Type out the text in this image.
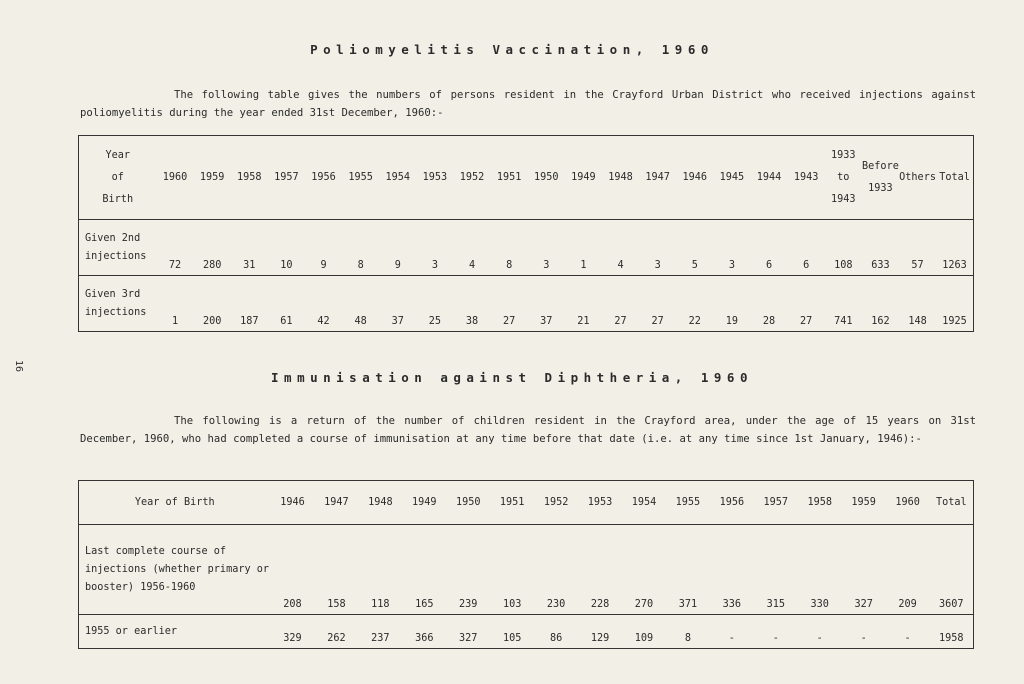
16
Poliomyelitis Vaccination, 1960
The following table gives the numbers of persons resident in the Crayford Urban District who received injections against poliomyelitis during the year ended 31st December, 1960:-
Year of Birth	1960	1959	1958	1957	1956	1955	1954	1953	1952	1951	1950	1949	1948	1947	1946	1945	1944	1943	1933 to 1943	Before 1933	Others	Total
Given 2nd injections	72	280	31	10	9	8	9	3	4	8	3	1	4	3	5	3	6	6	108	633	57	1263
Given 3rd injections	1	200	187	61	42	48	37	25	38	27	37	21	27	27	22	19	28	27	741	162	148	1925
Immunisation against Diphtheria, 1960
The following is a return of the number of children resident in the Crayford area, under the age of 15 years on 31st December, 1960, who had completed a course of immunisation at any time before that date (i.e. at any time since 1st January, 1946):-
Year of Birth	1946	1947	1948	1949	1950	1951	1952	1953	1954	1955	1956	1957	1958	1959	1960	Total
Last complete course of injections (whether primary or booster) 1956-1960	208	158	118	165	239	103	230	228	270	371	336	315	330	327	209	3607
1955 or earlier	329	262	237	366	327	105	86	129	109	8	-	-	-	-	-	1958
